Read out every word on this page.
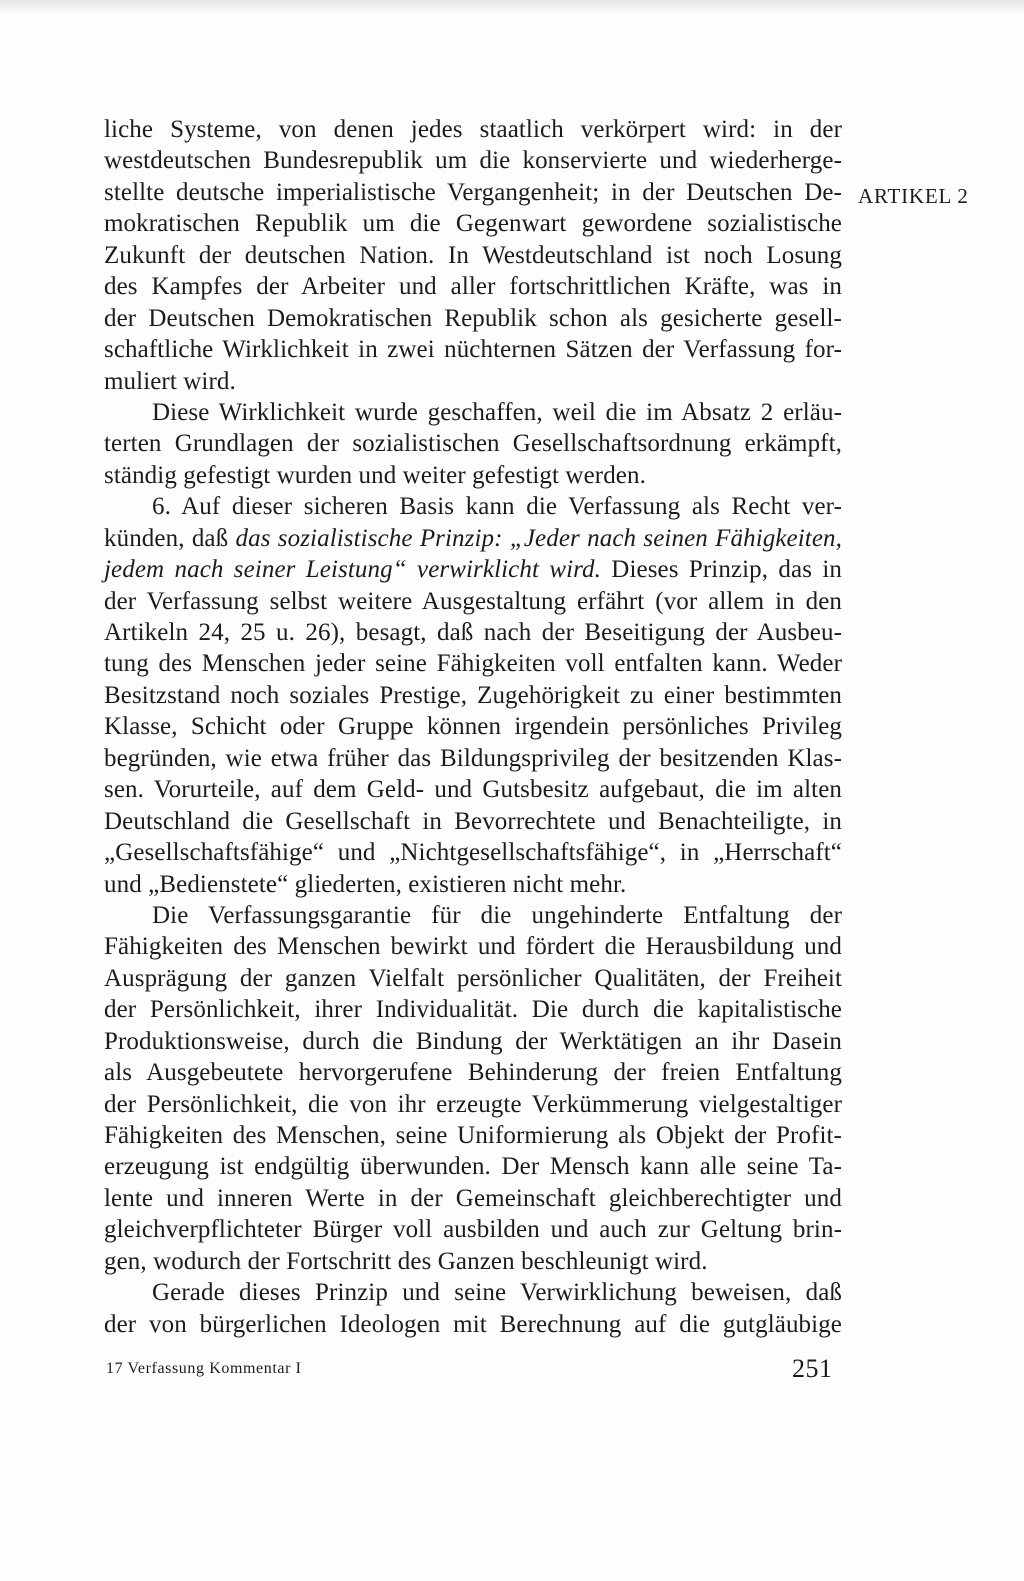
liche Systeme, von denen jedes staatlich verkörpert wird: in der
westdeutschen Bundesrepublik um die konservierte und wiederherge-
stellte deutsche imperialistische Vergangenheit; in der Deutschen De-
mokratischen Republik um die Gegenwart gewordene sozialistische
Zukunft der deutschen Nation. In Westdeutschland ist noch Losung
des Kampfes der Arbeiter und aller fortschrittlichen Kräfte, was in
der Deutschen Demokratischen Republik schon als gesicherte gesell-
schaftliche Wirklichkeit in zwei nüchternen Sätzen der Verfassung for-
muliert wird.
Diese Wirklichkeit wurde geschaffen, weil die im Absatz 2 erläu-
terten Grundlagen der sozialistischen Gesellschaftsordnung erkämpft,
ständig gefestigt wurden und weiter gefestigt werden.
6. Auf dieser sicheren Basis kann die Verfassung als Recht ver-
künden, daß das sozialistische Prinzip: „Jeder nach seinen Fähigkeiten,
jedem nach seiner Leistung“ verwirklicht wird. Dieses Prinzip, das in
der Verfassung selbst weitere Ausgestaltung erfährt (vor allem in den
Artikeln 24, 25 u. 26), besagt, daß nach der Beseitigung der Ausbeu-
tung des Menschen jeder seine Fähigkeiten voll entfalten kann. Weder
Besitzstand noch soziales Prestige, Zugehörigkeit zu einer bestimmten
Klasse, Schicht oder Gruppe können irgendein persönliches Privileg
begründen, wie etwa früher das Bildungsprivileg der besitzenden Klas-
sen. Vorurteile, auf dem Geld- und Gutsbesitz aufgebaut, die im alten
Deutschland die Gesellschaft in Bevorrechtete und Benachteiligte, in
„Gesellschaftsfähige“ und „Nichtgesellschaftsfähige“, in „Herrschaft“
und „Bedienstete“ gliederten, existieren nicht mehr.
Die Verfassungsgarantie für die ungehinderte Entfaltung der
Fähigkeiten des Menschen bewirkt und fördert die Herausbildung und
Ausprägung der ganzen Vielfalt persönlicher Qualitäten, der Freiheit
der Persönlichkeit, ihrer Individualität. Die durch die kapitalistische
Produktionsweise, durch die Bindung der Werktätigen an ihr Dasein
als Ausgebeutete hervorgerufene Behinderung der freien Entfaltung
der Persönlichkeit, die von ihr erzeugte Verkümmerung vielgestaltiger
Fähigkeiten des Menschen, seine Uniformierung als Objekt der Profit-
erzeugung ist endgültig überwunden. Der Mensch kann alle seine Ta-
lente und inneren Werte in der Gemeinschaft gleichberechtigter und
gleichverpflichteter Bürger voll ausbilden und auch zur Geltung brin-
gen, wodurch der Fortschritt des Ganzen beschleunigt wird.
Gerade dieses Prinzip und seine Verwirklichung beweisen, daß
der von bürgerlichen Ideologen mit Berechnung auf die gutgläubige
ARTIKEL 2
17 Verfassung Kommentar I	251
